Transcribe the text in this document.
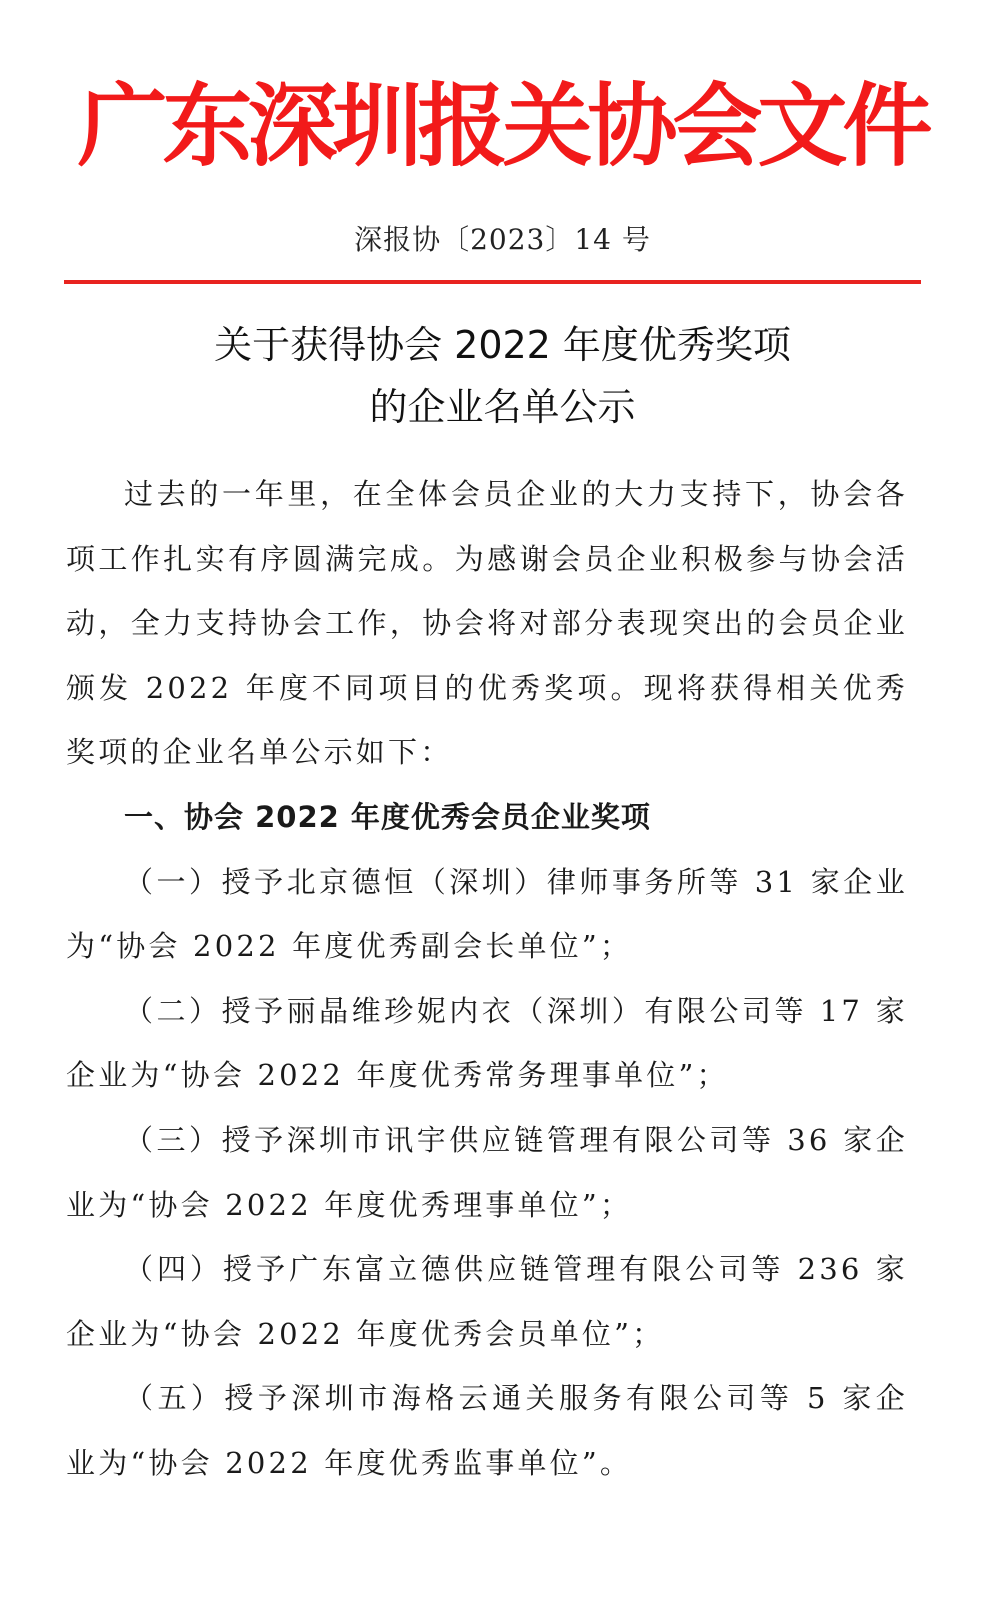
广东深圳报关协会文件
深报协〔2023〕14 号
关于获得协会 2022 年度优秀奖项
的企业名单公示

过去的一年里，在全体会员企业的大力支持下，协会各项工作扎实有序圆满完成。为感谢会员企业积极参与协会活动，全力支持协会工作，协会将对部分表现突出的会员企业颁发 2022 年度不同项目的优秀奖项。现将获得相关优秀奖项的企业名单公示如下：

一、协会 2022 年度优秀会员企业奖项

（一）授予北京德恒（深圳）律师事务所等 31 家企业为“协会 2022 年度优秀副会长单位”；

（二）授予丽晶维珍妮内衣（深圳）有限公司等 17 家企业为“协会 2022 年度优秀常务理事单位”；

（三）授予深圳市讯宇供应链管理有限公司等 36 家企业为“协会 2022 年度优秀理事单位”；

（四）授予广东富立德供应链管理有限公司等 236 家企业为“协会 2022 年度优秀会员单位”；

（五）授予深圳市海格云通关服务有限公司等 5 家企业为“协会 2022 年度优秀监事单位”。
